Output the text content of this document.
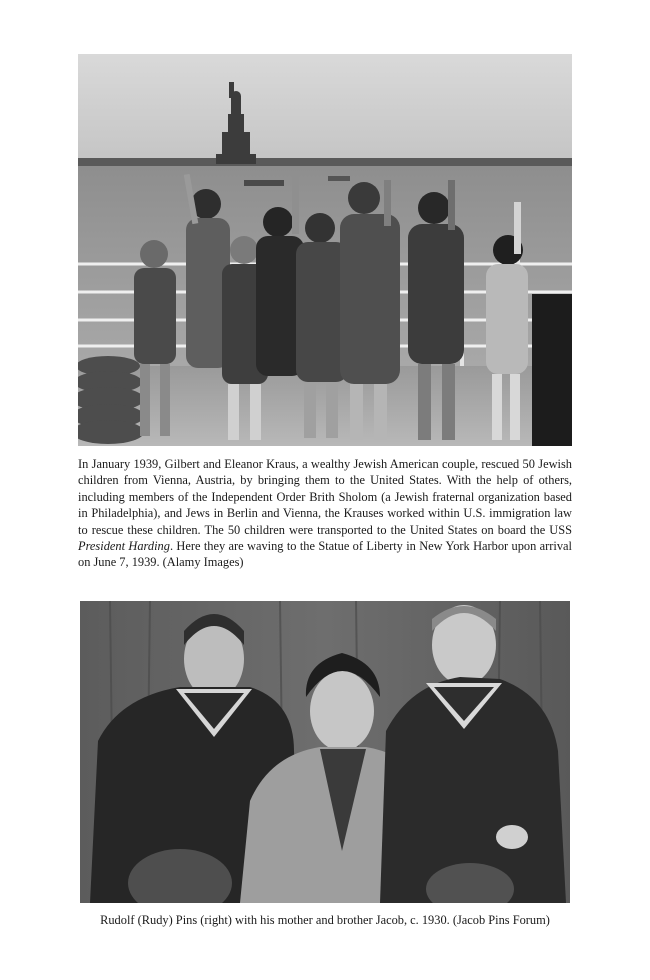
In January 1939, Gilbert and Eleanor Kraus, a wealthy Jewish American couple, rescued 50 Jewish children from Vienna, Austria, by bringing them to the United States. With the help of others, including members of the Independent Order Brith Sholom (a Jewish fraternal organization based in Philadelphia), and Jews in Berlin and Vienna, the Krauses worked within U.S. immigration law to rescue these children. The 50 children were transported to the United States on board the USS President Harding. Here they are waving to the Statue of Liberty in New York Harbor upon arrival on June 7, 1939. (Alamy Images)

Rudolf (Rudy) Pins (right) with his mother and brother Jacob, c. 1930. (Jacob Pins Forum)
